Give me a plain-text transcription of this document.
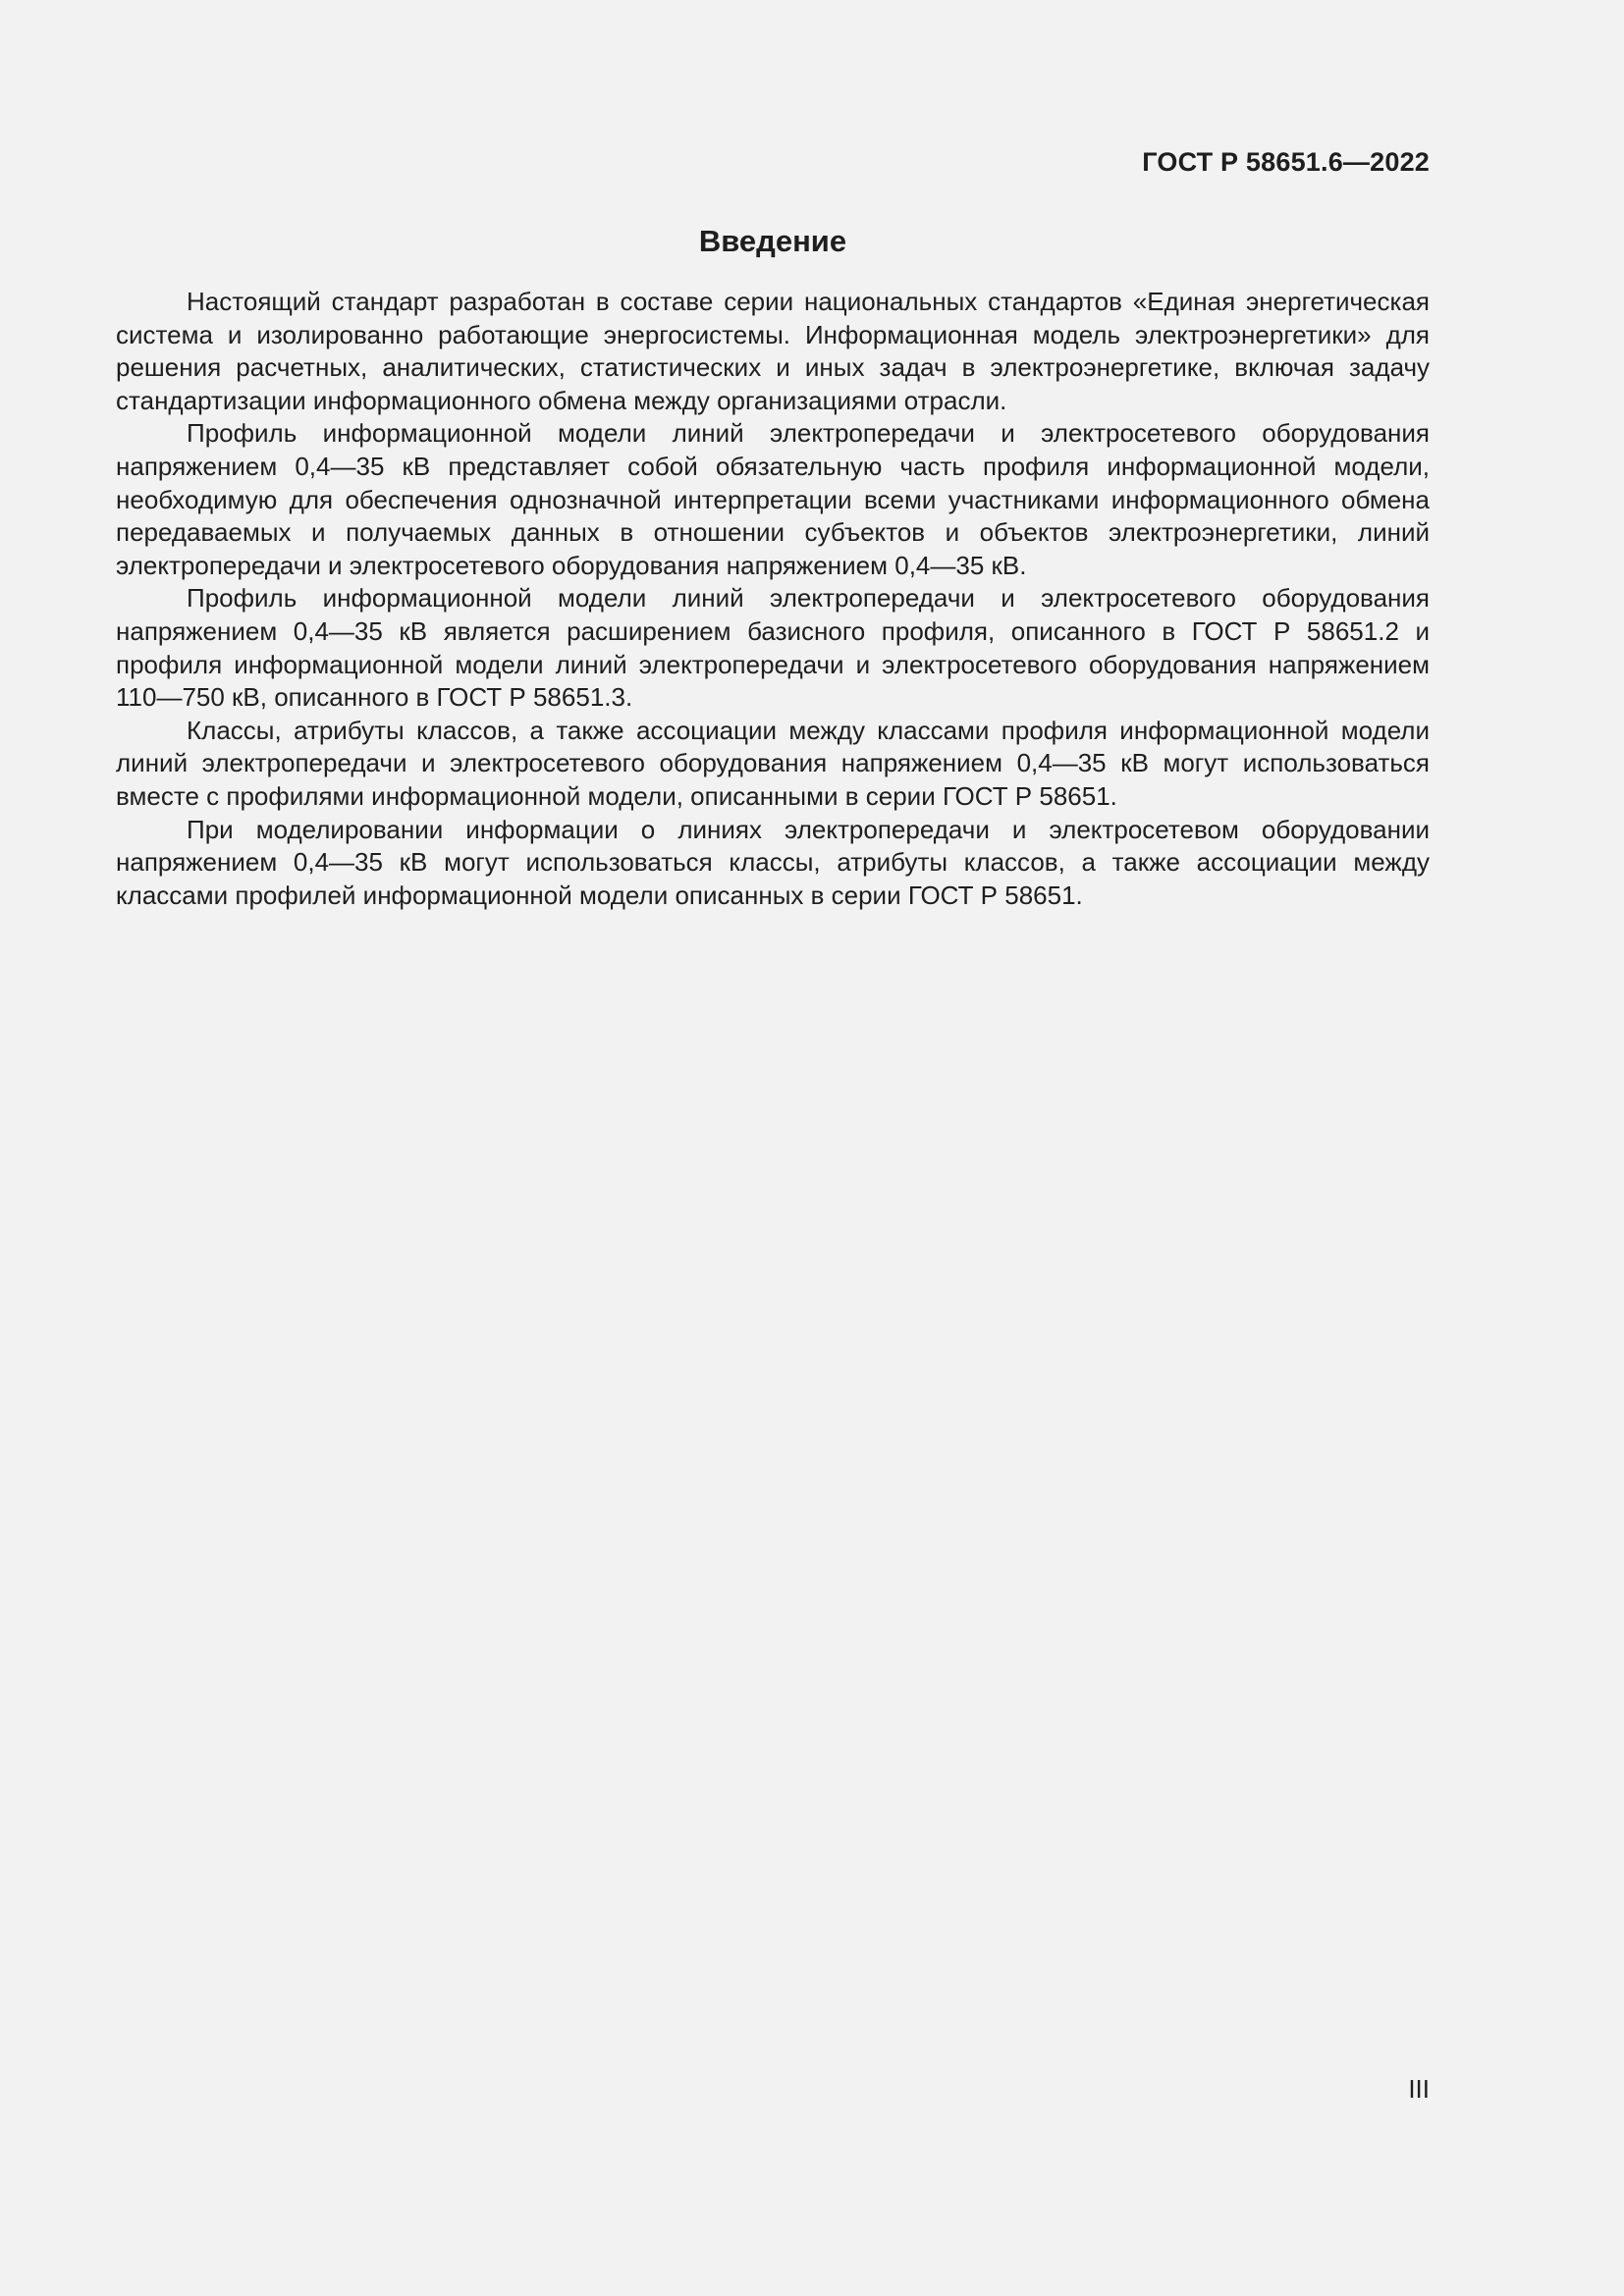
ГОСТ Р 58651.6—2022

Введение

Настоящий стандарт разработан в составе серии национальных стандартов «Единая энергетическая система и изолированно работающие энергосистемы. Информационная модель электроэнергетики» для решения расчетных, аналитических, статистических и иных задач в электроэнергетике, включая задачу стандартизации информационного обмена между организациями отрасли.

Профиль информационной модели линий электропередачи и электросетевого оборудования напряжением 0,4—35 кВ представляет собой обязательную часть профиля информационной модели, необходимую для обеспечения однозначной интерпретации всеми участниками информационного обмена передаваемых и получаемых данных в отношении субъектов и объектов электроэнергетики, линий электропередачи и электросетевого оборудования напряжением 0,4—35 кВ.

Профиль информационной модели линий электропередачи и электросетевого оборудования напряжением 0,4—35 кВ является расширением базисного профиля, описанного в ГОСТ Р 58651.2 и профиля информационной модели линий электропередачи и электросетевого оборудования напряжением 110—750 кВ, описанного в ГОСТ Р 58651.3.

Классы, атрибуты классов, а также ассоциации между классами профиля информационной модели линий электропередачи и электросетевого оборудования напряжением 0,4—35 кВ могут использоваться вместе с профилями информационной модели, описанными в серии ГОСТ Р 58651.

При моделировании информации о линиях электропередачи и электросетевом оборудовании напряжением 0,4—35 кВ могут использоваться классы, атрибуты классов, а также ассоциации между классами профилей информационной модели описанных в серии ГОСТ Р 58651.

III
